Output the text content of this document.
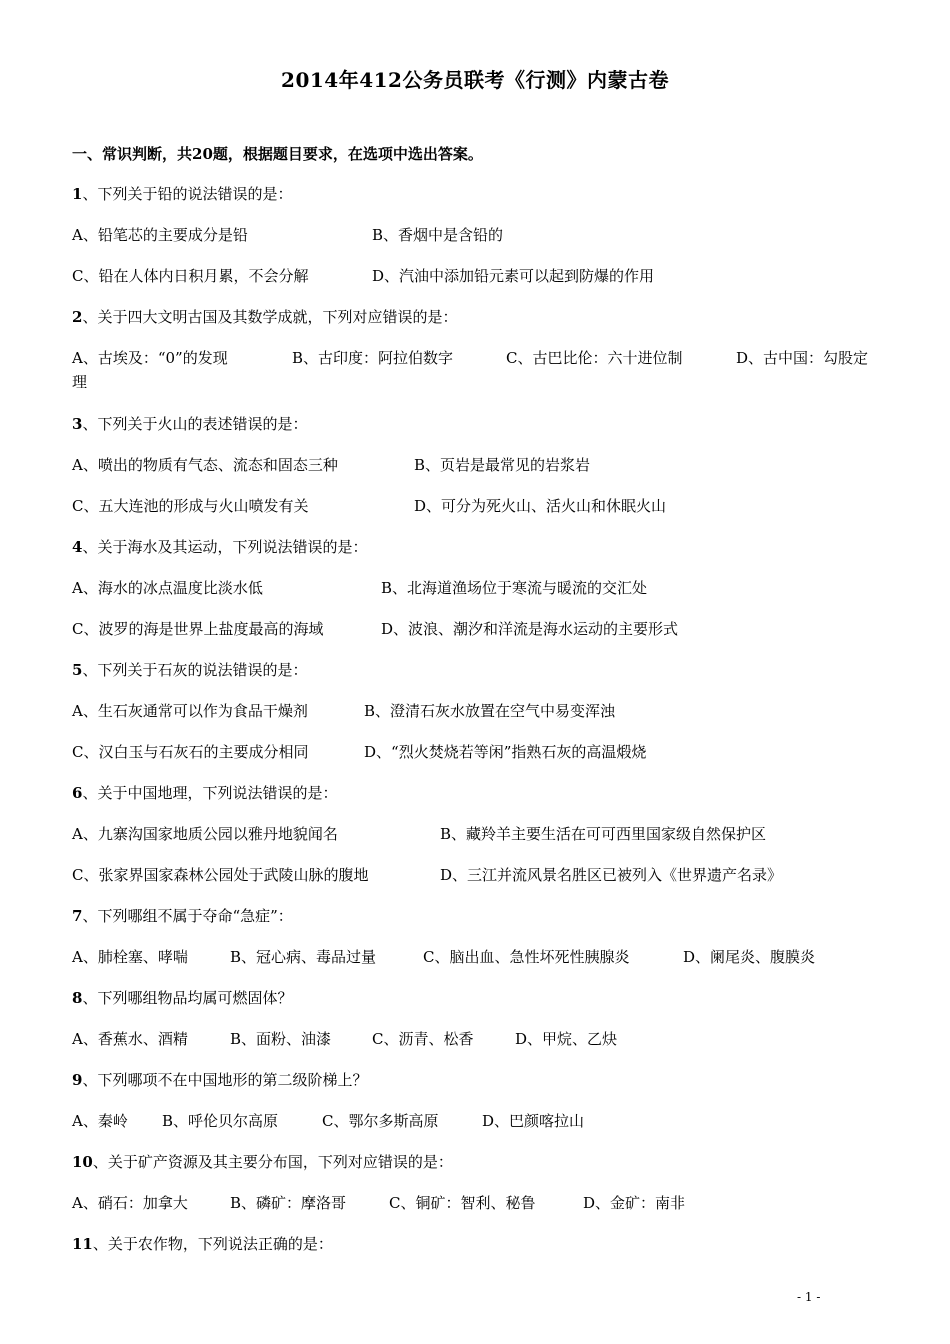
2014年412公务员联考《行测》内蒙古卷
一、常识判断，共20题，根据题目要求，在选项中选出答案。
1、下列关于铅的说法错误的是：
A、铅笔芯的主要成分是铅	B、香烟中是含铅的
C、铅在人体内日积月累，不会分解	D、汽油中添加铅元素可以起到防爆的作用
2、关于四大文明古国及其数学成就，下列对应错误的是：
A、古埃及：“0”的发现	B、古印度：阿拉伯数字	C、古巴比伦：六十进位制	D、古中国：勾股定
理
3、下列关于火山的表述错误的是：
A、喷出的物质有气态、流态和固态三种	B、页岩是最常见的岩浆岩
C、五大连池的形成与火山喷发有关	D、可分为死火山、活火山和休眠火山
4、关于海水及其运动，下列说法错误的是：
A、海水的冰点温度比淡水低	B、北海道渔场位于寒流与暖流的交汇处
C、波罗的海是世界上盐度最高的海域	D、波浪、潮汐和洋流是海水运动的主要形式
5、下列关于石灰的说法错误的是：
A、生石灰通常可以作为食品干燥剂	B、澄清石灰水放置在空气中易变浑浊
C、汉白玉与石灰石的主要成分相同	D、“烈火焚烧若等闲”指熟石灰的高温煅烧
6、关于中国地理，下列说法错误的是：
A、九寨沟国家地质公园以雅丹地貌闻名	B、藏羚羊主要生活在可可西里国家级自然保护区
C、张家界国家森林公园处于武陵山脉的腹地	D、三江并流风景名胜区已被列入《世界遗产名录》
7、下列哪组不属于夺命“急症”：
A、肺栓塞、哮喘	B、冠心病、毒品过量	C、脑出血、急性坏死性胰腺炎	D、阑尾炎、腹膜炎
8、下列哪组物品均属可燃固体？
A、香蕉水、酒精	B、面粉、油漆	C、沥青、松香	D、甲烷、乙炔
9、下列哪项不在中国地形的第二级阶梯上？
A、秦岭 B、呼伦贝尔高原	C、鄂尔多斯高原	D、巴颜喀拉山
10、关于矿产资源及其主要分布国，下列对应错误的是：
A、硝石：加拿大	B、磷矿：摩洛哥	C、铜矿：智利、秘鲁	D、金矿：南非
11、关于农作物，下列说法正确的是：
- 1 -
